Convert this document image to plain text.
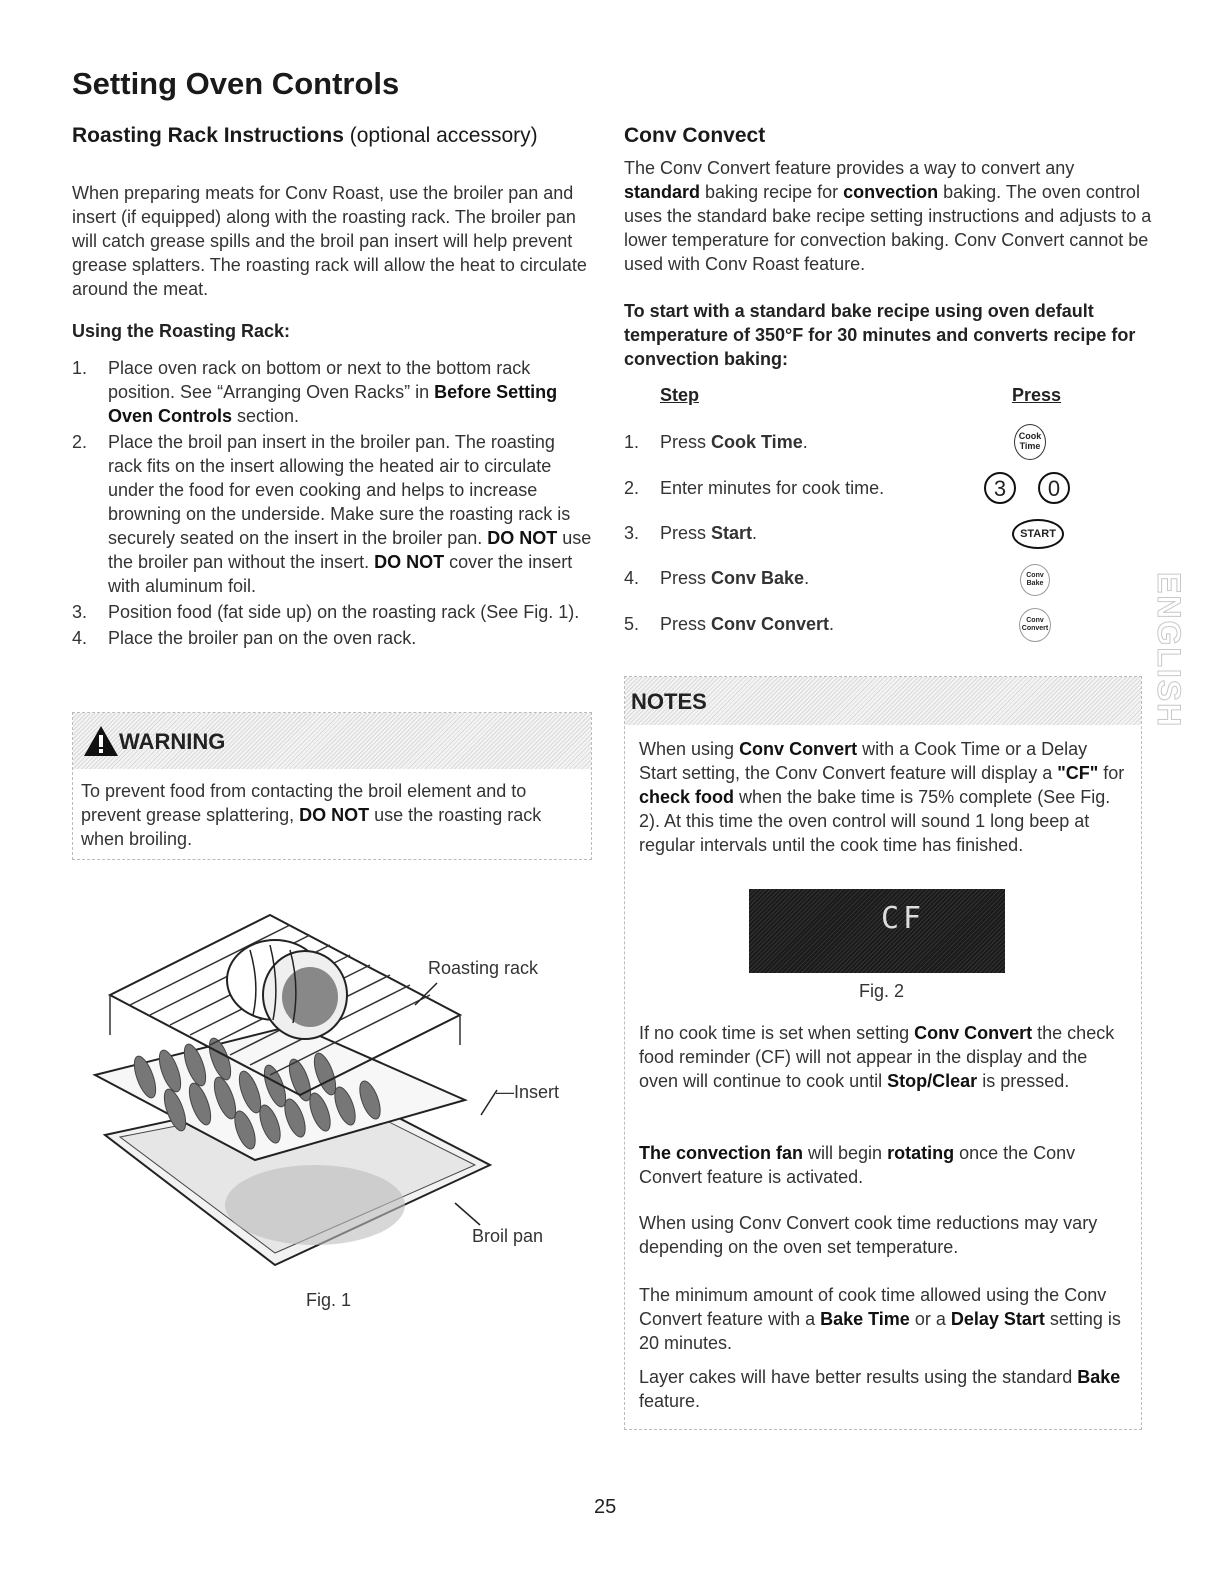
Setting Oven Controls

Roasting Rack Instructions (optional accessory)

When preparing meats for Conv Roast, use the broiler pan and insert (if equipped) along with the roasting rack. The broiler pan will catch grease spills and the broil pan insert will help prevent grease splatters. The roasting rack will allow the heat to circulate around the meat.
Using the Roasting Rack:
1. Place oven rack on bottom or next to the bottom rack position. See “Arranging Oven Racks” in Before Setting Oven Controls section.
2. Place the broil pan insert in the broiler pan. The roasting rack fits on the insert allowing the heated air to circulate under the food for even cooking and helps to increase browning on the underside. Make sure the roasting rack is securely seated on the insert in the broiler pan. DO NOT use the broiler pan without the insert. DO NOT cover the insert with aluminum foil.
3. Position food (fat side up) on the roasting rack (See Fig. 1).
4. Place the broiler pan on the oven rack.
WARNING
To prevent food from contacting the broil element and to prevent grease splattering, DO NOT use the roasting rack when broiling.
Roasting rack
—Insert
Broil pan
Fig. 1

Conv Convect

The Conv Convert feature provides a way to convert any standard baking recipe for convection baking. The oven control uses the standard bake recipe setting instructions and adjusts to a lower temperature for convection baking. Conv Convert cannot be used with Conv Roast feature.
To start with a standard bake recipe using oven default temperature of 350°F for 30 minutes and converts recipe for convection baking:
Step	Press
1. Press Cook Time.
2. Enter minutes for cook time.
3. Press Start.
4. Press Conv Bake.
5. Press Conv Convert.
Cook
Time
3	0
START
Conv
Bake
Conv
Convert
NOTES
When using Conv Convert with a Cook Time or a Delay Start setting, the Conv Convert feature will display a "CF" for check food when the bake time is 75% complete (See Fig. 2). At this time the oven control will sound 1 long beep at regular intervals until the cook time has finished.
CF
Fig. 2
If no cook time is set when setting Conv Convert the check food reminder (CF) will not appear in the display and the oven will continue to cook until Stop/Clear is pressed.
The convection fan will begin rotating once the Conv Convert feature is activated.
When using Conv Convert cook time reductions may vary depending on the oven set temperature.
The minimum amount of cook time allowed using the Conv Convert feature with a Bake Time or a Delay Start setting is 20 minutes.
Layer cakes will have better results using the standard Bake feature.
ENGLISH
25
